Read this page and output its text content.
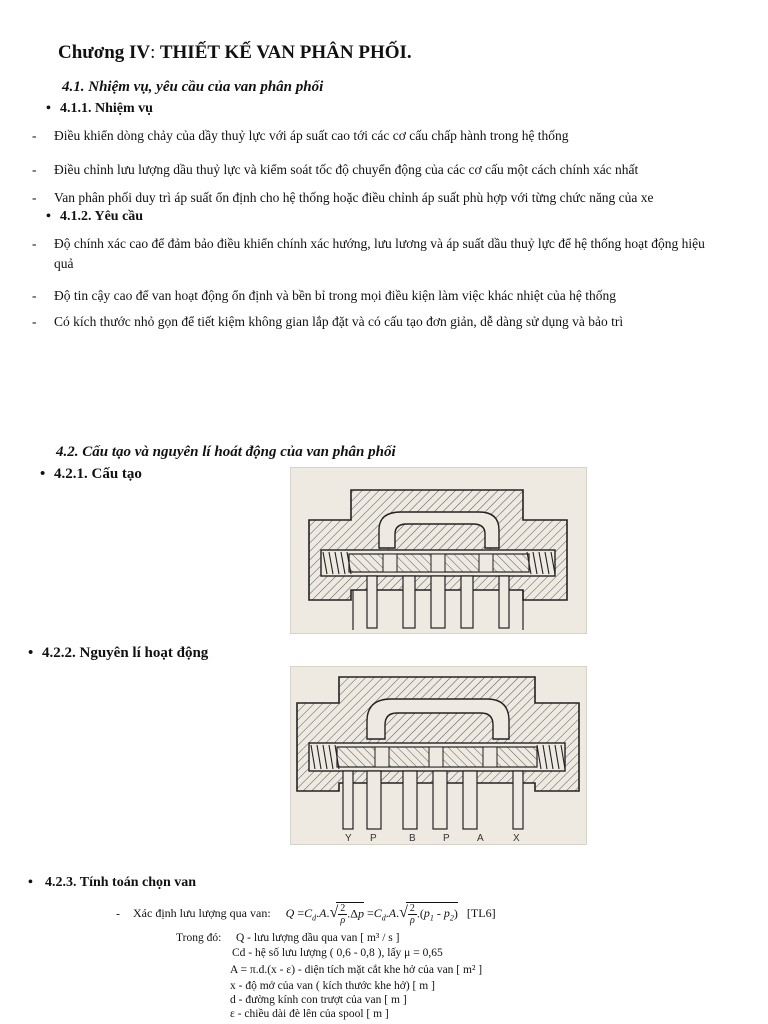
Chương IV: THIẾT KẾ VAN PHÂN PHỐI.
4.1. Nhiệm vụ, yêu cầu của van phân phối
• 4.1.1. Nhiệm vụ
- Điều khiển dòng chảy của dầy thuỷ lực với áp suất cao tới các cơ cấu chấp hành trong hệ thống
- Điều chỉnh lưu lượng dầu thuỷ lực và kiểm soát tốc độ chuyển động của các cơ cấu một cách chính xác nhất
- Van phân phối duy trì áp suất ổn định cho hệ thống hoặc điều chỉnh áp suất phù hợp với từng chức năng của xe
• 4.1.2. Yêu cầu
- Độ chính xác cao để đảm bảo điều khiển chính xác hướng, lưu lương và áp suất dầu thuỷ lực để hệ thống hoạt động hiệu quả
- Độ tin cậy cao để van hoạt động ổn định và bền bỉ trong mọi điều kiện làm việc khác nhiệt của hệ thống
- Có kích thước nhỏ gọn để tiết kiệm không gian lắp đặt và có cấu tạo đơn giản, dễ dàng sử dụng và bảo trì
4.2. Cấu tạo và nguyên lí hoát động của van phân phối
• 4.2.1. Cấu tạo
• 4.2.2. Nguyên lí hoạt động
Y P	B	P	A	X
• 4.2.3. Tính toán chọn van
- Xác định lưu lượng qua van: $Q =C_d.A.√ \frac{2}{\rho} .\Delta p =C_d.A.√ \frac{2}{\rho} .(p_1 - p_2)$ [TL6]
Trong đó: Q - lưu lượng dầu qua van [ m³ / s ]
Cd - hệ số lưu lượng ( 0,6 - 0,8 ), lấy μ = 0,65
A = π.d.(x - ε) - diện tích mặt cắt khe hở của van [ m² ]
x - độ mở của van ( kích thước khe hở) [ m ]
d - đường kính con trượt của van [ m ]
ε - chiều dài đè lên của spool [ m ]
